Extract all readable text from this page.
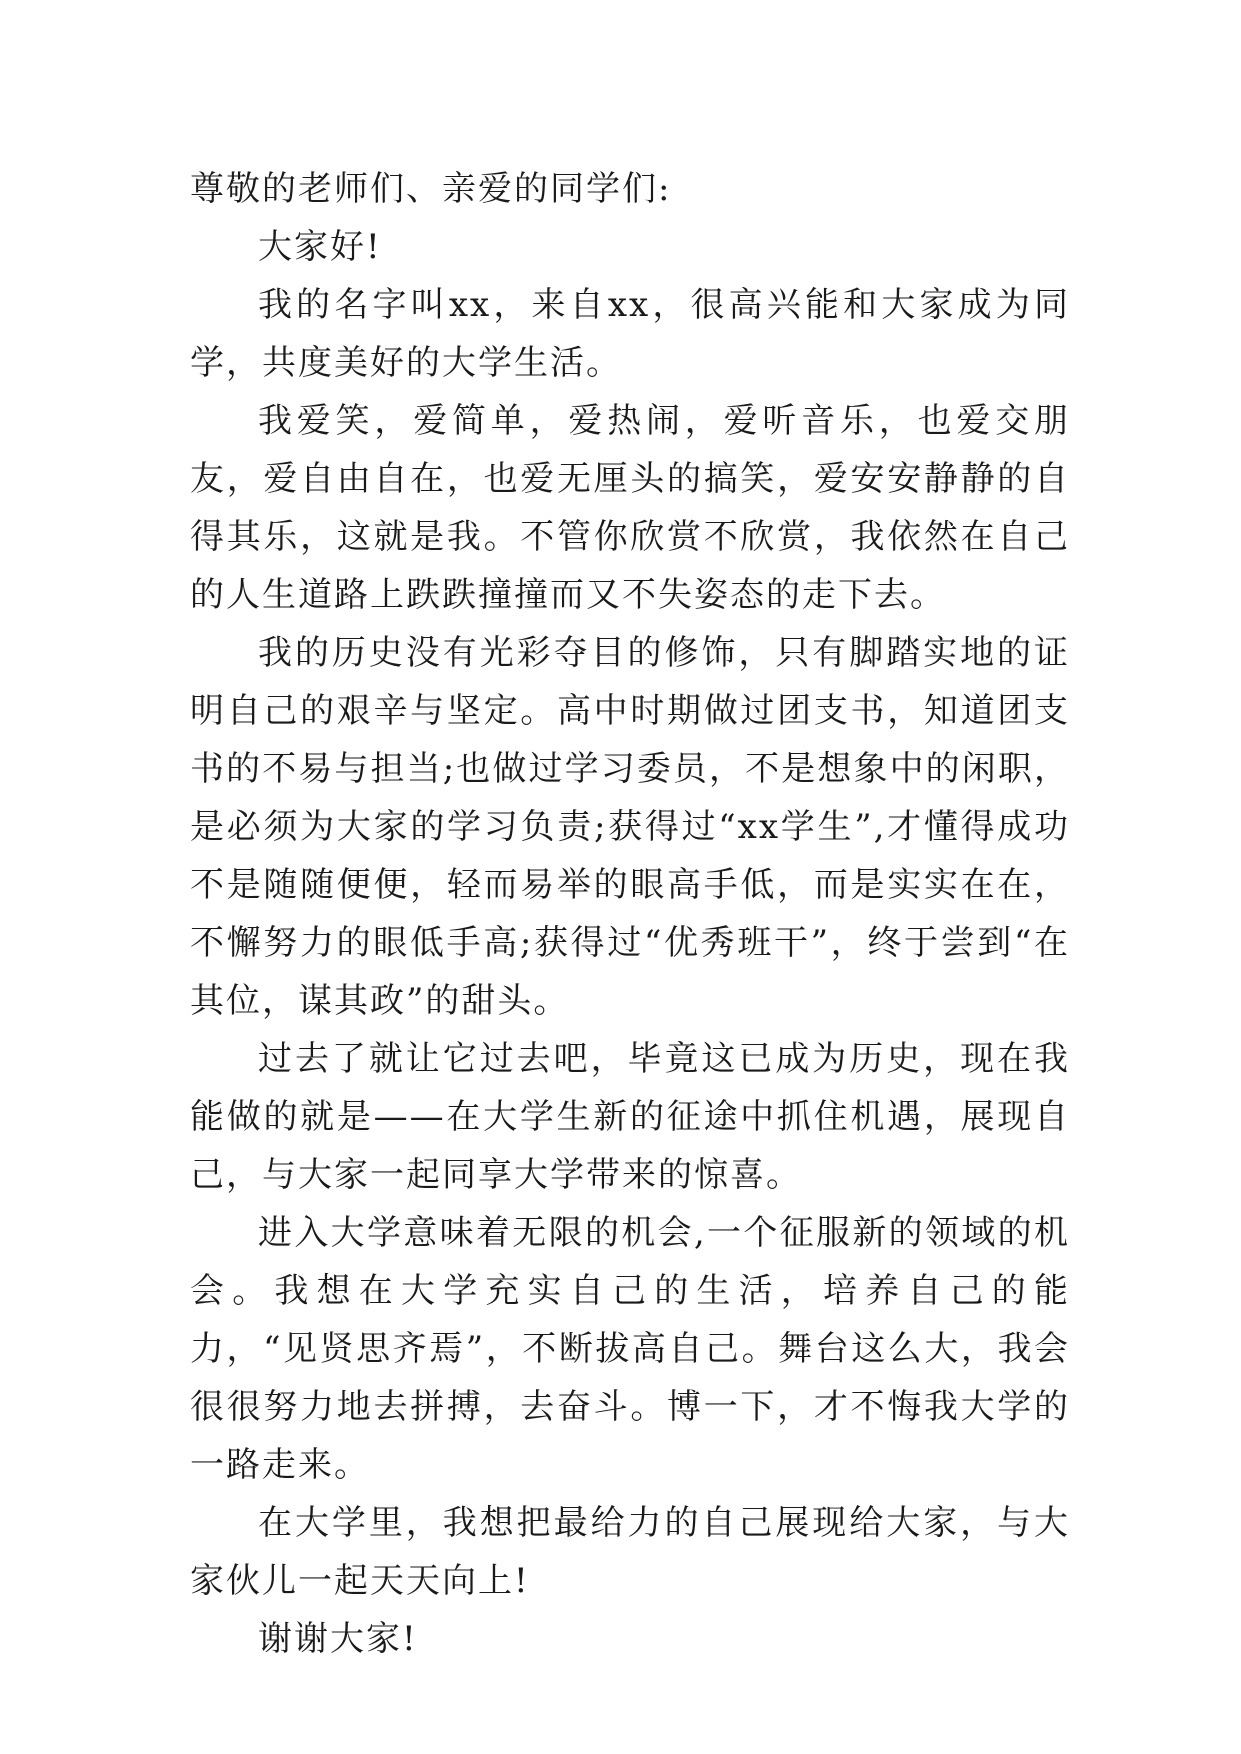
尊敬的老师们、亲爱的同学们:

大家好!

我的名字叫xx，来自xx，很高兴能和大家成为同学，共度美好的大学生活。

我爱笑，爱简单，爱热闹，爱听音乐，也爱交朋友，爱自由自在，也爱无厘头的搞笑，爱安安静静的自得其乐，这就是我。不管你欣赏不欣赏，我依然在自己的人生道路上跌跌撞撞而又不失姿态的走下去。

我的历史没有光彩夺目的修饰，只有脚踏实地的证明自己的艰辛与坚定。高中时期做过团支书，知道团支书的不易与担当;也做过学习委员，不是想象中的闲职，是必须为大家的学习负责;获得过“xx学生”,才懂得成功不是随随便便，轻而易举的眼高手低，而是实实在在，不懈努力的眼低手高;获得过“优秀班干”，终于尝到“在其位，谋其政”的甜头。

过去了就让它过去吧，毕竟这已成为历史，现在我能做的就是——在大学生新的征途中抓住机遇，展现自己，与大家一起同享大学带来的惊喜。

进入大学意味着无限的机会,一个征服新的领域的机会。我想在大学充实自己的生活，培养自己的能力，“见贤思齐焉”，不断拔高自己。舞台这么大，我会很很努力地去拼搏，去奋斗。博一下，才不悔我大学的一路走来。

在大学里，我想把最给力的自己展现给大家，与大家伙儿一起天天向上!

谢谢大家!
